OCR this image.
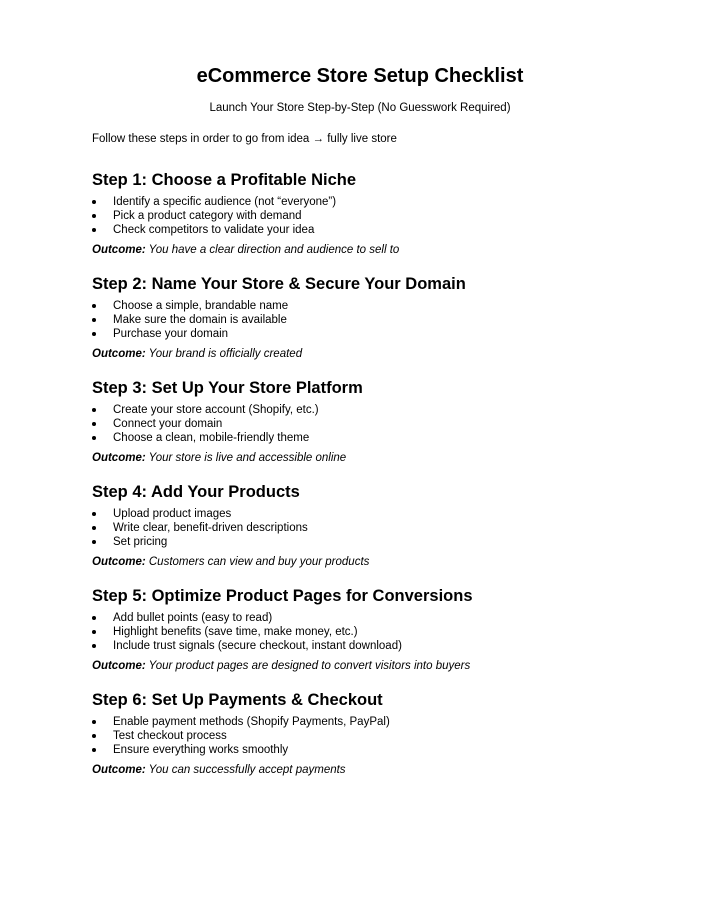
eCommerce Store Setup Checklist
Launch Your Store Step-by-Step (No Guesswork Required)
Follow these steps in order to go from idea → fully live store
Step 1: Choose a Profitable Niche
Identify a specific audience (not “everyone”)
Pick a product category with demand
Check competitors to validate your idea
Outcome: You have a clear direction and audience to sell to
Step 2: Name Your Store & Secure Your Domain
Choose a simple, brandable name
Make sure the domain is available
Purchase your domain
Outcome: Your brand is officially created
Step 3: Set Up Your Store Platform
Create your store account (Shopify, etc.)
Connect your domain
Choose a clean, mobile-friendly theme
Outcome: Your store is live and accessible online
Step 4: Add Your Products
Upload product images
Write clear, benefit-driven descriptions
Set pricing
Outcome: Customers can view and buy your products
Step 5: Optimize Product Pages for Conversions
Add bullet points (easy to read)
Highlight benefits (save time, make money, etc.)
Include trust signals (secure checkout, instant download)
Outcome: Your product pages are designed to convert visitors into buyers
Step 6: Set Up Payments & Checkout
Enable payment methods (Shopify Payments, PayPal)
Test checkout process
Ensure everything works smoothly
Outcome: You can successfully accept payments
